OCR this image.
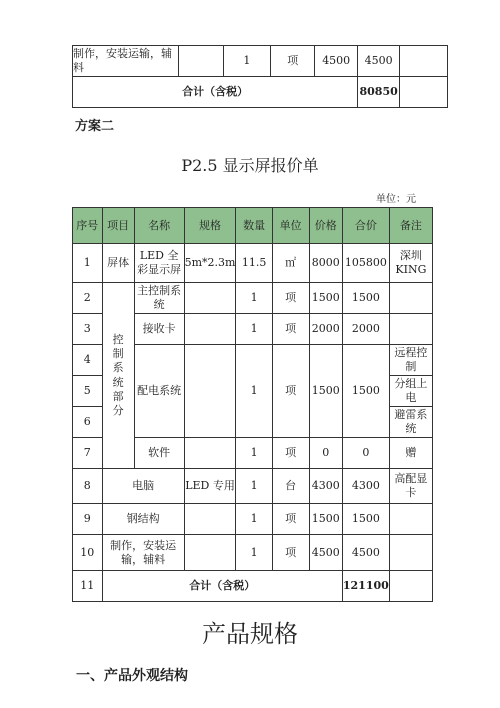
制作，安装运输，辅料		1	项	4500	4500	
合计（含税）					80850	
方案二
P2.5 显示屏报价单
单位：元
序号	项目	名称	规格	数量	单位	价格	合价	备注
1	屏体	LED 全彩显示屏	5m*2.3m	11.5	㎡	8000	105800	深圳 KING
2	控制系统部分	主控制系统		1	项	1500	1500	
3		接收卡		1	项	2000	2000	
4		配电系统		1	项	1500	1500	远程控制
5								分组上电
6								避雷系统
7		软件		1	项	0	0	赠
8	电脑		LED 专用	1	台	4300	4300	高配显卡
9	钢结构			1	项	1500	1500	
10	制作，安装运输，辅料			1	项	4500	4500	
11	合计（含税）						121100	
产品规格
一、产品外观结构
